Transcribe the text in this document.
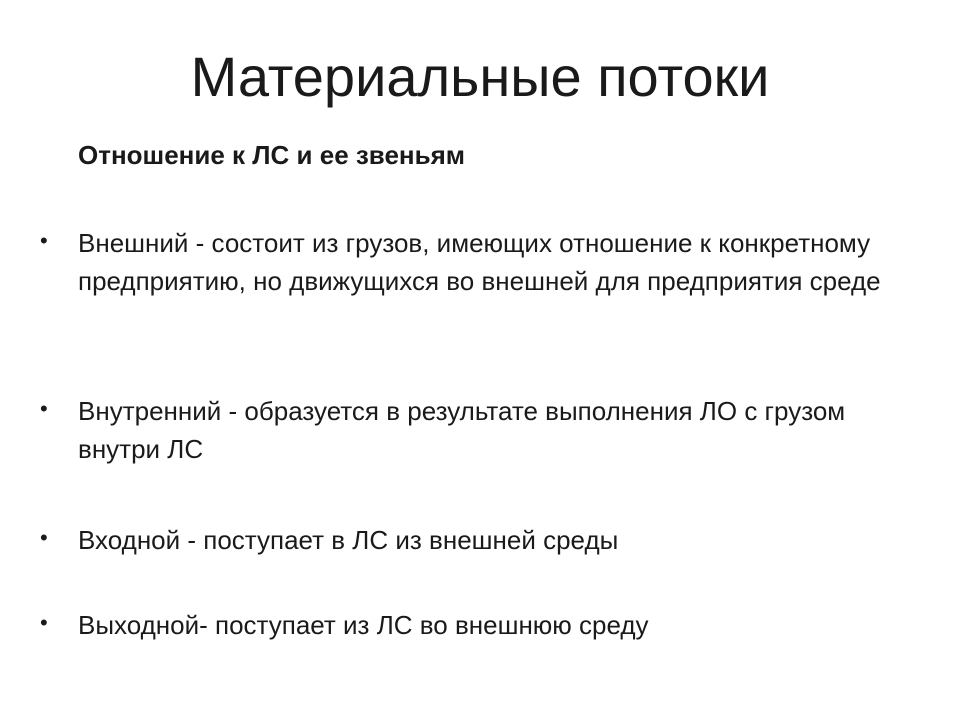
Материальные потоки
Отношение к ЛС и ее звеньям
• Внешний - состоит из грузов, имеющих отношение к конкретному предприятию, но движущихся во внешней для предприятия среде
• Внутренний - образуется в результате выполнения ЛО с грузом внутри ЛС
• Входной - поступает в ЛС из внешней среды
• Выходной- поступает из ЛС во внешнюю среду
